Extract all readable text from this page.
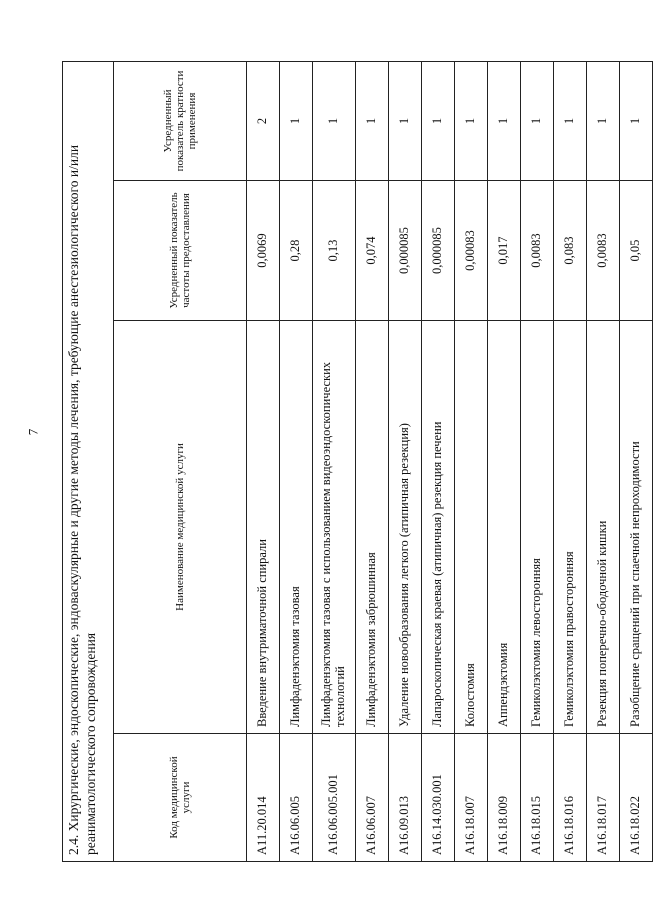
7 2.4. Хирургические, эндоскопические, эндоваскулярные и другие методы лечения, требующие анестезиологического и/или реаниматологического сопровождения			
Код медицинской услуги	Наименование медицинской услуги	Усредненный показатель частоты предоставления	Усредненный показатель кратности применения
A11.20.014	Введение внутриматочной спирали	0,0069	2
A16.06.005	Лимфаденэктомия тазовая	0,28	1
A16.06.005.001	Лимфаденэктомия тазовая с использованием видеоэндоскопических технологий	0,13	1
A16.06.007	Лимфаденэктомия забрюшинная	0,074	1
A16.09.013	Удаление новообразования легкого (атипичная резекция)	0,000085	1
A16.14.030.001	Лапароскопическая краевая (атипичная) резекция печени	0,000085	1
A16.18.007	Колостомия	0,00083	1
A16.18.009	Аппендэктомия	0,017	1
A16.18.015	Гемиколэктомия левосторонняя	0,0083	1
A16.18.016	Гемиколэктомия правосторонняя	0,083	1
A16.18.017	Резекция поперечно-ободочной кишки	0,0083	1
A16.18.022	Разобщение сращений при спаечной непроходимости	0,05	1
